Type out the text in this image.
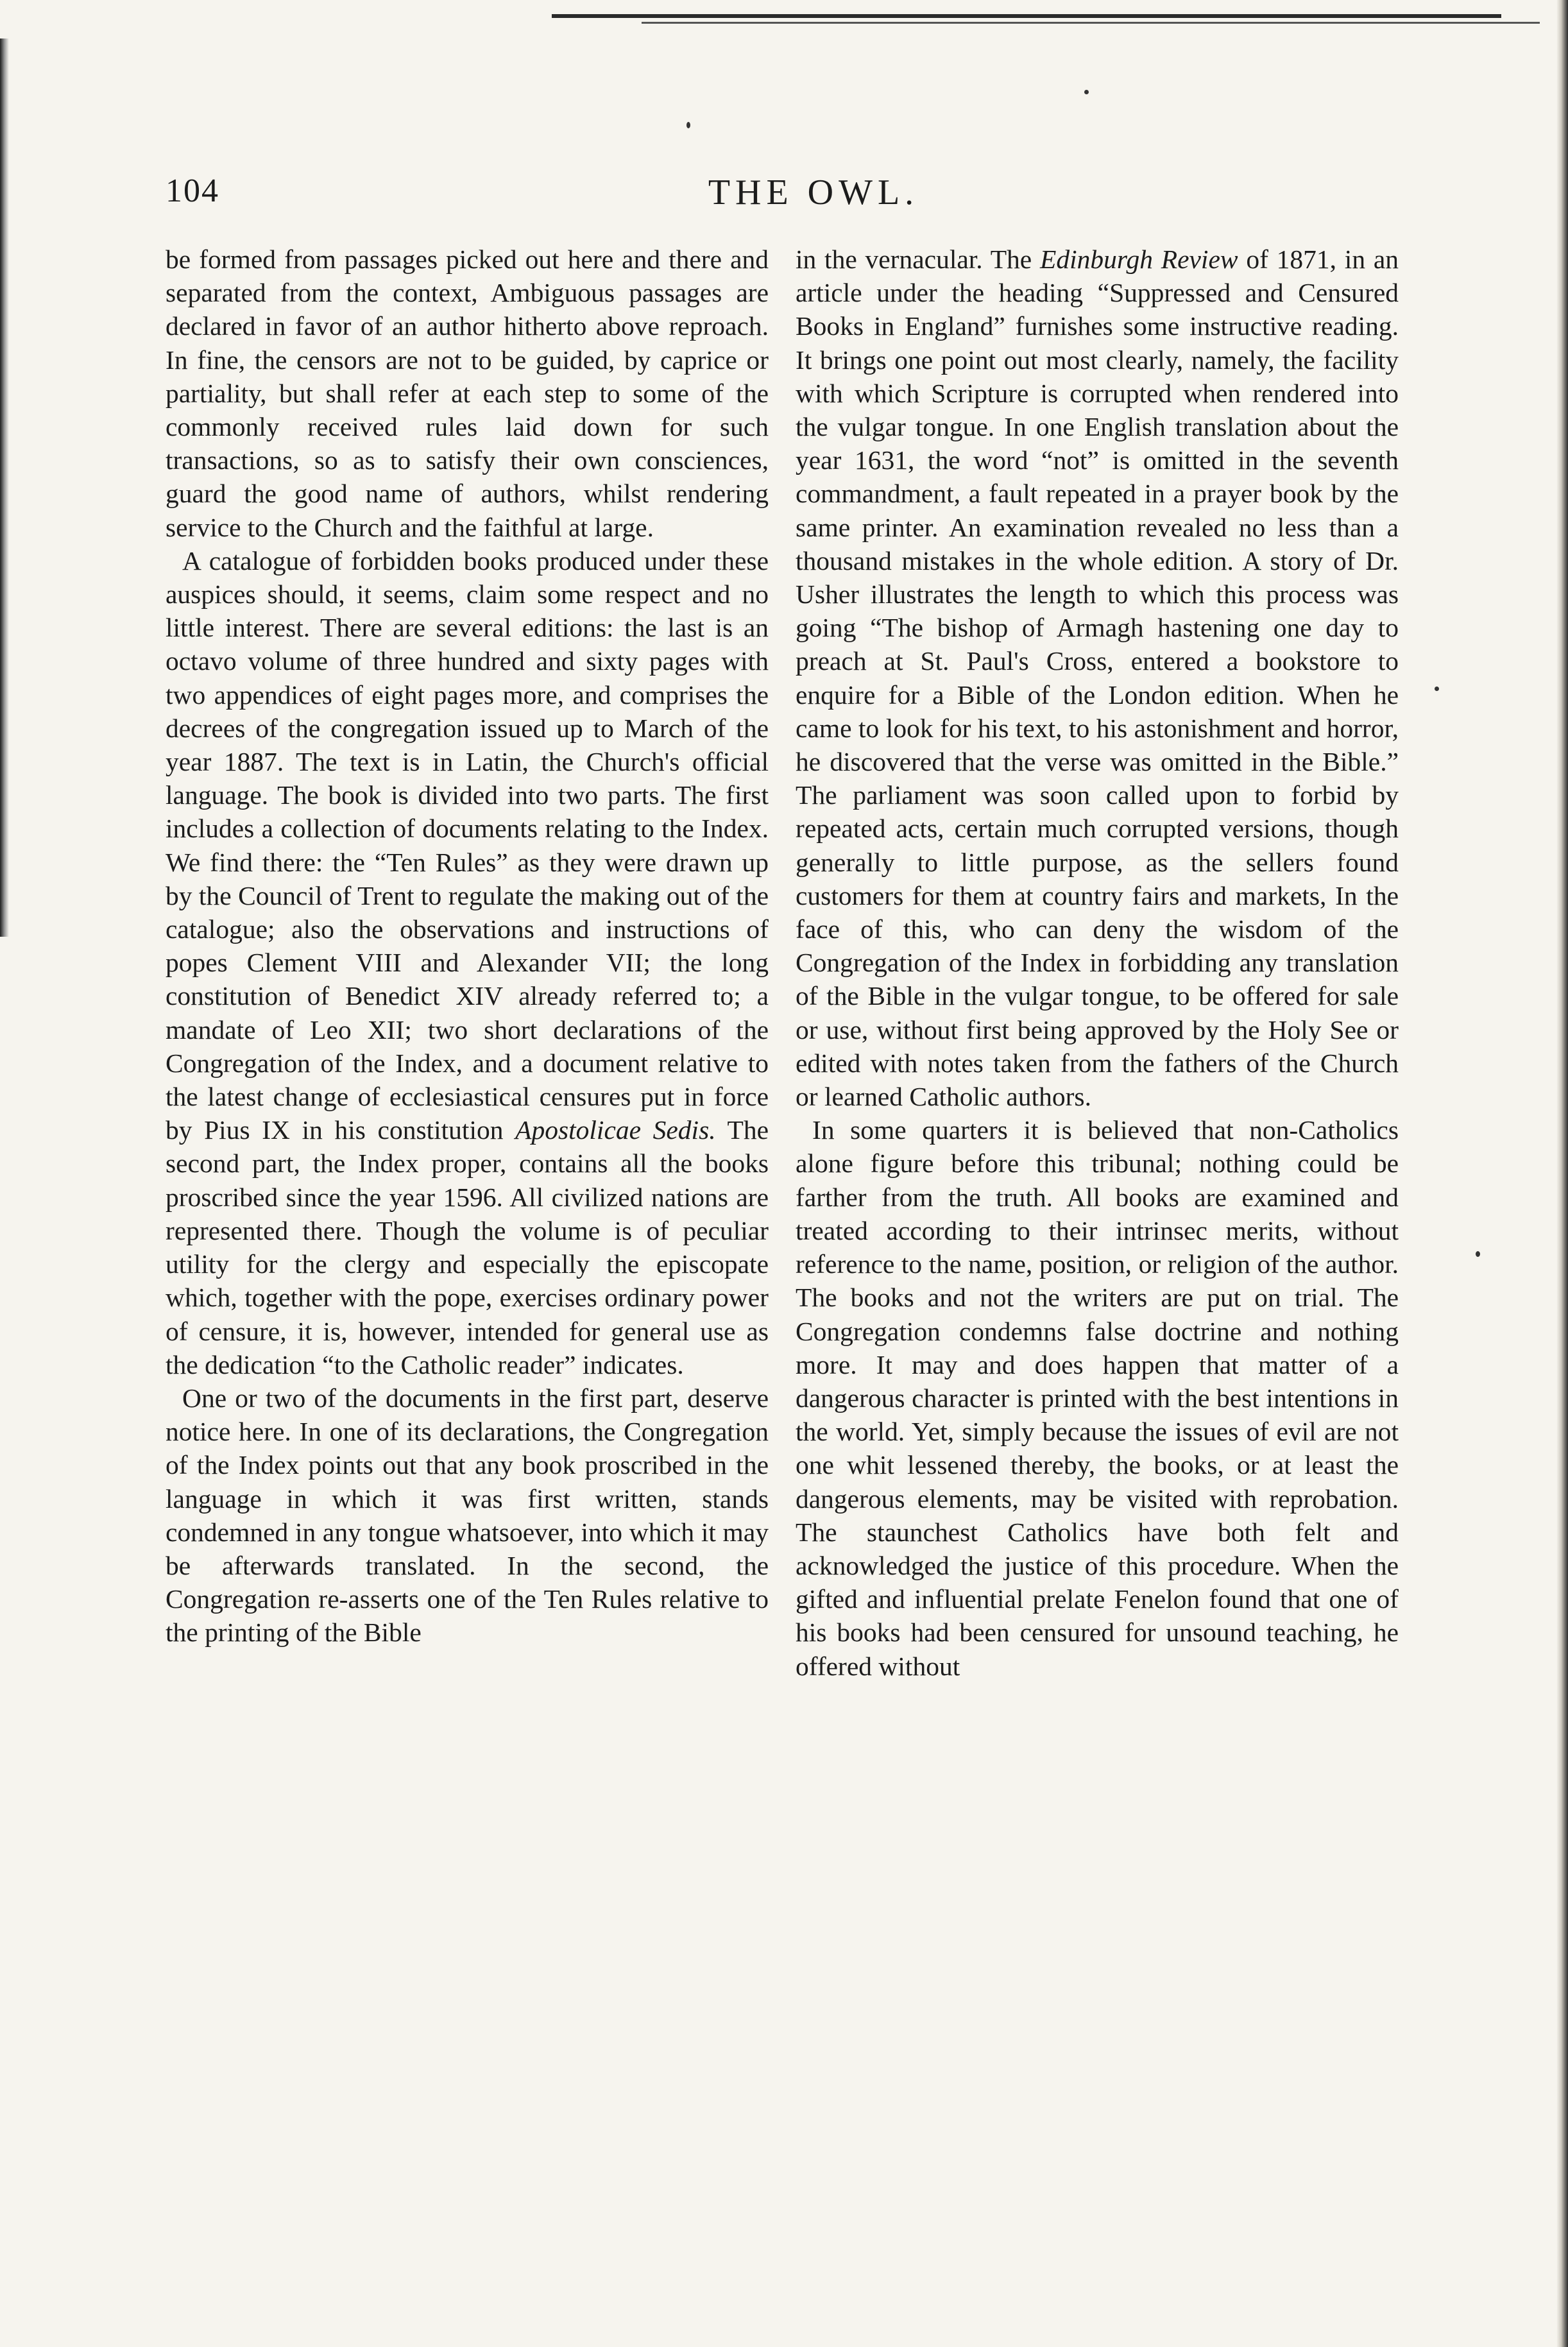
104	THE OWL.

be formed from passages picked out here and there and separated from the context, Ambiguous passages are declared in favor of an author hitherto above reproach. In fine, the censors are not to be guided, by caprice or partiality, but shall refer at each step to some of the commonly received rules laid down for such transactions, so as to satisfy their own consciences, guard the good name of authors, whilst rendering service to the Church and the faithful at large.

A catalogue of forbidden books produced under these auspices should, it seems, claim some respect and no little interest. There are several editions: the last is an octavo volume of three hundred and sixty pages with two appendices of eight pages more, and comprises the decrees of the congregation issued up to March of the year 1887. The text is in Latin, the Church's official language. The book is divided into two parts. The first includes a collection of documents relating to the Index. We find there: the “Ten Rules” as they were drawn up by the Council of Trent to regulate the making out of the catalogue; also the observations and instructions of popes Clement VIII and Alexander VII; the long constitution of Benedict XIV already referred to; a mandate of Leo XII; two short declarations of the Congregation of the Index, and a document relative to the latest change of ecclesiastical censures put in force by Pius IX in his constitution Apostolicae Sedis. The second part, the Index proper, contains all the books proscribed since the year 1596. All civilized nations are represented there. Though the volume is of peculiar utility for the clergy and especially the episcopate which, together with the pope, exercises ordinary power of censure, it is, however, intended for general use as the dedication “to the Catholic reader” indicates.

One or two of the documents in the first part, deserve notice here. In one of its declarations, the Congregation of the Index points out that any book proscribed in the language in which it was first written, stands condemned in any tongue whatsoever, into which it may be afterwards translated. In the second, the Congregation re-asserts one of the Ten Rules relative to the printing of the Bible

in the vernacular. The Edinburgh Review of 1871, in an article under the heading “Suppressed and Censured Books in England” furnishes some instructive reading. It brings one point out most clearly, namely, the facility with which Scripture is corrupted when rendered into the vulgar tongue. In one English translation about the year 1631, the word “not” is omitted in the seventh commandment, a fault repeated in a prayer book by the same printer. An examination revealed no less than a thousand mistakes in the whole edition. A story of Dr. Usher illustrates the length to which this process was going “The bishop of Armagh hastening one day to preach at St. Paul's Cross, entered a bookstore to enquire for a Bible of the London edition. When he came to look for his text, to his astonishment and horror, he discovered that the verse was omitted in the Bible.” The parliament was soon called upon to forbid by repeated acts, certain much corrupted versions, though generally to little purpose, as the sellers found customers for them at country fairs and markets, In the face of this, who can deny the wisdom of the Congregation of the Index in forbidding any translation of the Bible in the vulgar tongue, to be offered for sale or use, without first being approved by the Holy See or edited with notes taken from the fathers of the Church or learned Catholic authors.

In some quarters it is believed that non-Catholics alone figure before this tribunal; nothing could be farther from the truth. All books are examined and treated according to their intrinsec merits, without reference to the name, position, or religion of the author. The books and not the writers are put on trial. The Congregation condemns false doctrine and nothing more. It may and does happen that matter of a dangerous character is printed with the best intentions in the world. Yet, simply because the issues of evil are not one whit lessened thereby, the books, or at least the dangerous elements, may be visited with reprobation. The staunchest Catholics have both felt and acknowledged the justice of this procedure. When the gifted and influential prelate Fenelon found that one of his books had been censured for unsound teaching, he offered without
